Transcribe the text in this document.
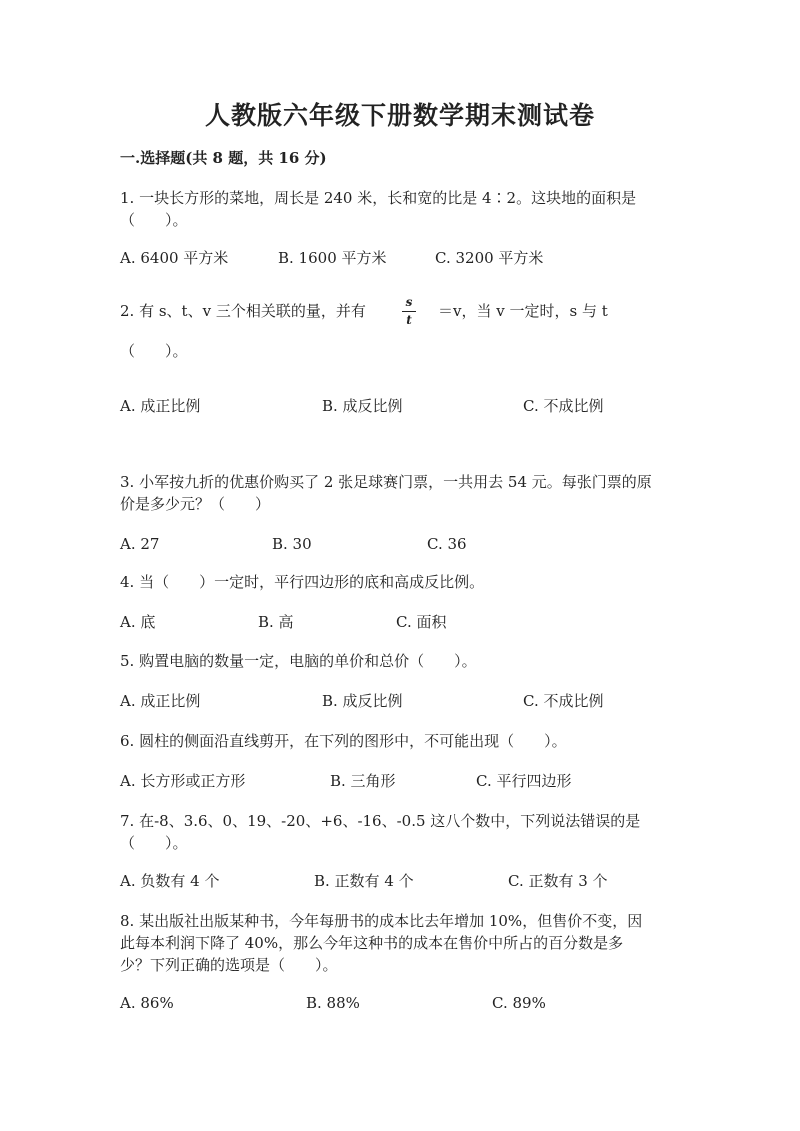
人教版六年级下册数学期末测试卷
一.选择题(共 8 题，共 16 分)
1. 一块长方形的菜地，周长是 240 米，长和宽的比是 4∶2。这块地的面积是
（　　）。
A. 6400 平方米	B. 1600 平方米	C. 3200 平方米
2. 有 s、t、v 三个相关联的量，并有	s
t ＝v，当 v 一定时，s 与 t
（　　）。
A. 成正比例	B. 成反比例	C. 不成比例
3. 小军按九折的优惠价购买了 2 张足球赛门票，一共用去 54 元。每张门票的原
价是多少元？（　　）
A. 27	B. 30	C. 36
4. 当（　　）一定时，平行四边形的底和高成反比例。
A. 底	B. 高	C. 面积
5. 购置电脑的数量一定，电脑的单价和总价（　　）。
A. 成正比例	B. 成反比例	C. 不成比例
6. 圆柱的侧面沿直线剪开，在下列的图形中，不可能出现（　　）。
A. 长方形或正方形	B. 三角形	C. 平行四边形
7. 在-8、3.6、0、19、-20、+6、-16、-0.5 这八个数中，下列说法错误的是
（　　）。
A. 负数有 4 个	B. 正数有 4 个	C. 正数有 3 个
8. 某出版社出版某种书，今年每册书的成本比去年增加 10%，但售价不变，因
此每本利润下降了 40%，那么今年这种书的成本在售价中所占的百分数是多
少？下列正确的选项是（　　）。
A. 86%	B. 88%	C. 89%
